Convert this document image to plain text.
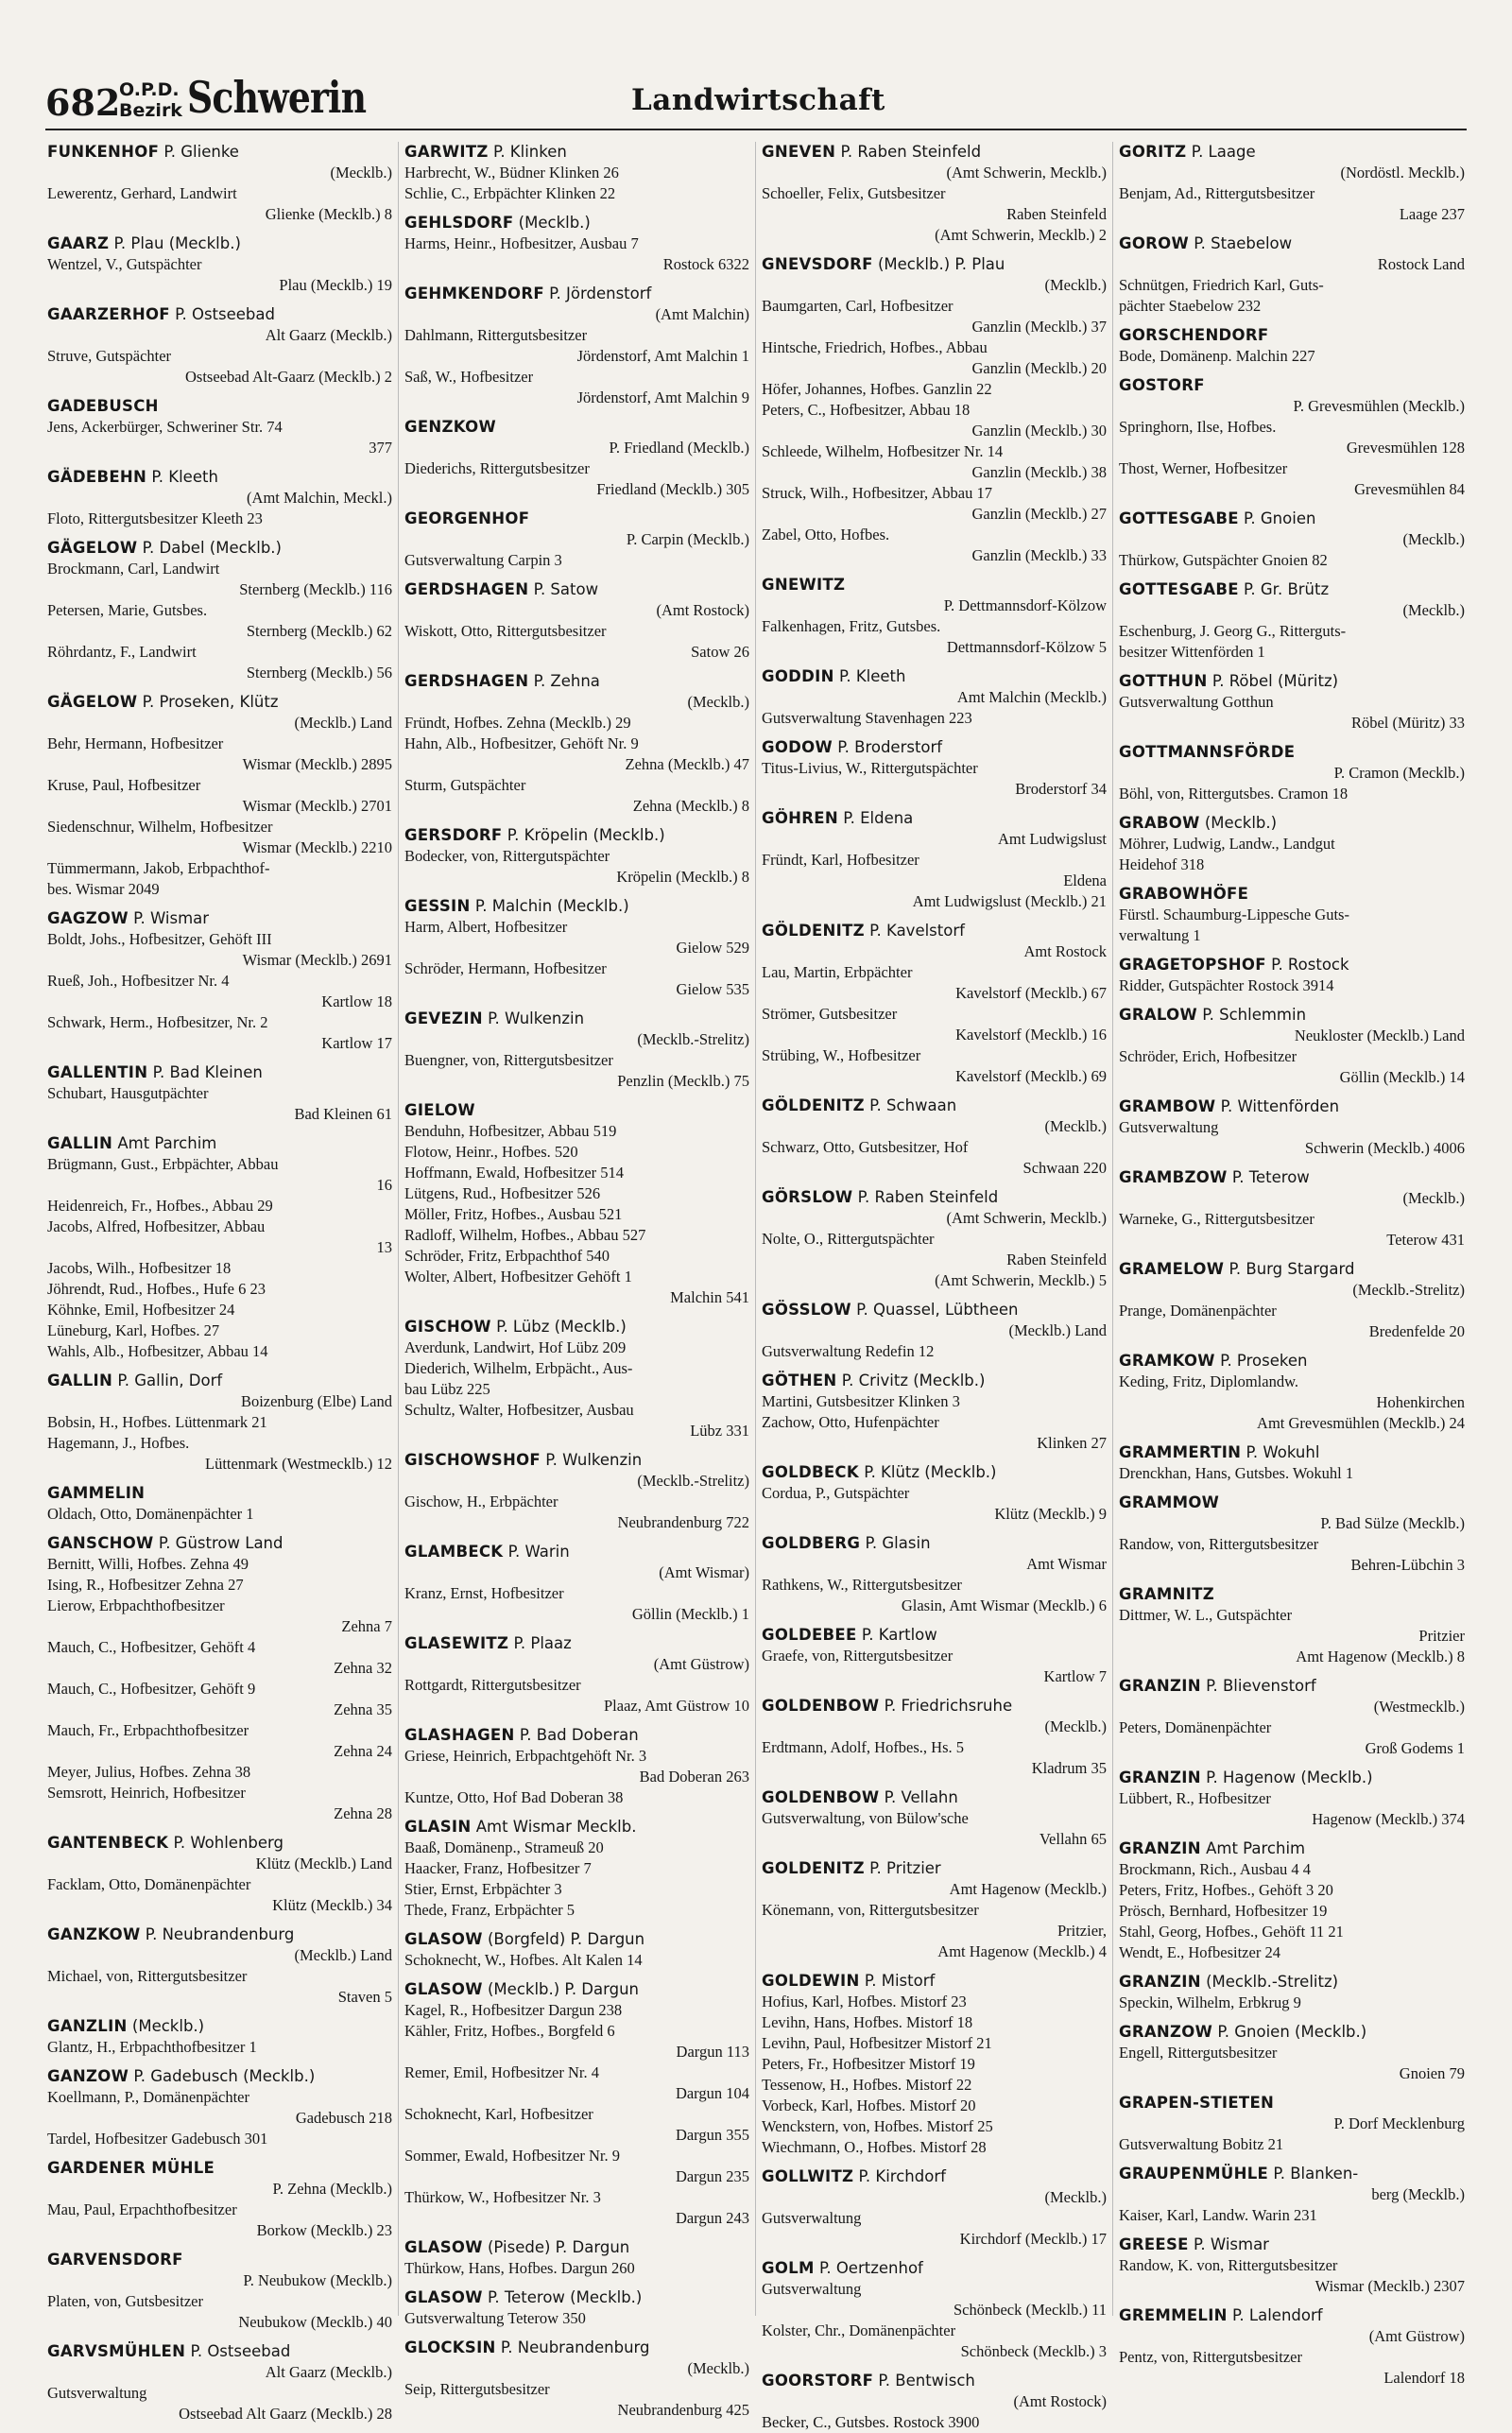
682
O.P.D.
Bezirk Schwerin	Landwirtschaft
FUNKENHOF P. Glienke
(Mecklb.)
Lewerentz, Gerhard, Landwirt
Glienke (Mecklb.) 8
GAARZ P. Plau (Mecklb.)
Wentzel, V., Gutspächter
Plau (Mecklb.) 19
GAARZERHOF P. Ostseebad
Alt Gaarz (Mecklb.)
Struve, Gutspächter
Ostseebad Alt-Gaarz (Mecklb.) 2
GADEBUSCH
Jens, Ackerbürger, Schweriner Str. 74
377
GÄDEBEHN P. Kleeth
(Amt Malchin, Meckl.)
Floto, Rittergutsbesitzer Kleeth 23
GÄGELOW P. Dabel (Mecklb.)
Brockmann, Carl, Landwirt
Sternberg (Mecklb.) 116
Petersen, Marie, Gutsbes.
Sternberg (Mecklb.) 62
Röhrdantz, F., Landwirt
Sternberg (Mecklb.) 56
GÄGELOW P. Proseken, Klütz
(Mecklb.) Land
Behr, Hermann, Hofbesitzer
Wismar (Mecklb.) 2895
Kruse, Paul, Hofbesitzer
Wismar (Mecklb.) 2701
Siedenschnur, Wilhelm, Hofbesitzer
Wismar (Mecklb.) 2210
Tümmermann, Jakob, Erbpachthof-
bes. Wismar 2049
GAGZOW P. Wismar
Boldt, Johs., Hofbesitzer, Gehöft III
Wismar (Mecklb.) 2691
Rueß, Joh., Hofbesitzer Nr. 4
Kartlow 18
Schwark, Herm., Hofbesitzer, Nr. 2
Kartlow 17
GALLENTIN P. Bad Kleinen
Schubart, Hausgutpächter
Bad Kleinen 61
GALLIN Amt Parchim
Brügmann, Gust., Erbpächter, Abbau
16
Heidenreich, Fr., Hofbes., Abbau 29
Jacobs, Alfred, Hofbesitzer, Abbau
13
Jacobs, Wilh., Hofbesitzer 18
Jöhrendt, Rud., Hofbes., Hufe 6 23
Köhnke, Emil, Hofbesitzer 24
Lüneburg, Karl, Hofbes. 27
Wahls, Alb., Hofbesitzer, Abbau 14
GALLIN P. Gallin, Dorf
Boizenburg (Elbe) Land
Bobsin, H., Hofbes. Lüttenmark 21
Hagemann, J., Hofbes.
Lüttenmark (Westmecklb.) 12
GAMMELIN
Oldach, Otto, Domänenpächter 1
GANSCHOW P. Güstrow Land
Bernitt, Willi, Hofbes. Zehna 49
Ising, R., Hofbesitzer Zehna 27
Lierow, Erbpachthofbesitzer
Zehna 7
Mauch, C., Hofbesitzer, Gehöft 4
Zehna 32
Mauch, C., Hofbesitzer, Gehöft 9
Zehna 35
Mauch, Fr., Erbpachthofbesitzer
Zehna 24
Meyer, Julius, Hofbes. Zehna 38
Semsrott, Heinrich, Hofbesitzer
Zehna 28
GANTENBECK P. Wohlenberg
Klütz (Mecklb.) Land
Facklam, Otto, Domänenpächter
Klütz (Mecklb.) 34
GANZKOW P. Neubrandenburg
(Mecklb.) Land
Michael, von, Rittergutsbesitzer
Staven 5
GANZLIN (Mecklb.)
Glantz, H., Erbpachthofbesitzer 1
GANZOW P. Gadebusch (Mecklb.)
Koellmann, P., Domänenpächter
Gadebusch 218
Tardel, Hofbesitzer Gadebusch 301
GARDENER MÜHLE
P. Zehna (Mecklb.)
Mau, Paul, Erpachthofbesitzer
Borkow (Mecklb.) 23
GARVENSDORF
P. Neubukow (Mecklb.)
Platen, von, Gutsbesitzer
Neubukow (Mecklb.) 40
GARVSMÜHLEN P. Ostseebad
Alt Gaarz (Mecklb.)
Gutsverwaltung
Ostseebad Alt Gaarz (Mecklb.) 28
GARWITZ P. Klinken
Harbrecht, W., Büdner Klinken 26
Schlie, C., Erbpächter Klinken 22
GEHLSDORF (Mecklb.)
Harms, Heinr., Hofbesitzer, Ausbau 7
Rostock 6322
GEHMKENDORF P. Jördenstorf
(Amt Malchin)
Dahlmann, Rittergutsbesitzer
Jördenstorf, Amt Malchin 1
Saß, W., Hofbesitzer
Jördenstorf, Amt Malchin 9
GENZKOW
P. Friedland (Mecklb.)
Diederichs, Rittergutsbesitzer
Friedland (Mecklb.) 305
GEORGENHOF
P. Carpin (Mecklb.)
Gutsverwaltung Carpin 3
GERDSHAGEN P. Satow
(Amt Rostock)
Wiskott, Otto, Rittergutsbesitzer
Satow 26
GERDSHAGEN P. Zehna
(Mecklb.)
Fründt, Hofbes. Zehna (Mecklb.) 29
Hahn, Alb., Hofbesitzer, Gehöft Nr. 9
Zehna (Mecklb.) 47
Sturm, Gutspächter
Zehna (Mecklb.) 8
GERSDORF P. Kröpelin (Mecklb.)
Bodecker, von, Rittergutspächter
Kröpelin (Mecklb.) 8
GESSIN P. Malchin (Mecklb.)
Harm, Albert, Hofbesitzer
Gielow 529
Schröder, Hermann, Hofbesitzer
Gielow 535
GEVEZIN P. Wulkenzin
(Mecklb.-Strelitz)
Buengner, von, Rittergutsbesitzer
Penzlin (Mecklb.) 75
GIELOW
Benduhn, Hofbesitzer, Abbau 519
Flotow, Heinr., Hofbes. 520
Hoffmann, Ewald, Hofbesitzer 514
Lütgens, Rud., Hofbesitzer 526
Möller, Fritz, Hofbes., Ausbau 521
Radloff, Wilhelm, Hofbes., Abbau 527
Schröder, Fritz, Erbpachthof 540
Wolter, Albert, Hofbesitzer Gehöft 1
Malchin 541
GISCHOW P. Lübz (Mecklb.)
Averdunk, Landwirt, Hof Lübz 209
Diederich, Wilhelm, Erbpächt., Aus-
bau Lübz 225
Schultz, Walter, Hofbesitzer, Ausbau
Lübz 331
GISCHOWSHOF P. Wulkenzin
(Mecklb.-Strelitz)
Gischow, H., Erbpächter
Neubrandenburg 722
GLAMBECK P. Warin
(Amt Wismar)
Kranz, Ernst, Hofbesitzer
Göllin (Mecklb.) 1
GLASEWITZ P. Plaaz
(Amt Güstrow)
Rottgardt, Rittergutsbesitzer
Plaaz, Amt Güstrow 10
GLASHAGEN P. Bad Doberan
Griese, Heinrich, Erbpachtgehöft Nr. 3
Bad Doberan 263
Kuntze, Otto, Hof Bad Doberan 38
GLASIN Amt Wismar Mecklb.
Baaß, Domänenp., Strameuß 20
Haacker, Franz, Hofbesitzer 7
Stier, Ernst, Erbpächter 3
Thede, Franz, Erbpächter 5
GLASOW (Borgfeld) P. Dargun
Schoknecht, W., Hofbes. Alt Kalen 14
GLASOW (Mecklb.) P. Dargun
Kagel, R., Hofbesitzer Dargun 238
Kähler, Fritz, Hofbes., Borgfeld 6
Dargun 113
Remer, Emil, Hofbesitzer Nr. 4
Dargun 104
Schoknecht, Karl, Hofbesitzer
Dargun 355
Sommer, Ewald, Hofbesitzer Nr. 9
Dargun 235
Thürkow, W., Hofbesitzer Nr. 3
Dargun 243
GLASOW (Pisede) P. Dargun
Thürkow, Hans, Hofbes. Dargun 260
GLASOW P. Teterow (Mecklb.)
Gutsverwaltung Teterow 350
GLOCKSIN P. Neubrandenburg
(Mecklb.)
Seip, Rittergutsbesitzer
Neubrandenburg 425
GNEVEN P. Raben Steinfeld
(Amt Schwerin, Mecklb.)
Schoeller, Felix, Gutsbesitzer
Raben Steinfeld
(Amt Schwerin, Mecklb.) 2
GNEVSDORF (Mecklb.) P. Plau
(Mecklb.)
Baumgarten, Carl, Hofbesitzer
Ganzlin (Mecklb.) 37
Hintsche, Friedrich, Hofbes., Abbau
Ganzlin (Mecklb.) 20
Höfer, Johannes, Hofbes. Ganzlin 22
Peters, C., Hofbesitzer, Abbau 18
Ganzlin (Mecklb.) 30
Schleede, Wilhelm, Hofbesitzer Nr. 14
Ganzlin (Mecklb.) 38
Struck, Wilh., Hofbesitzer, Abbau 17
Ganzlin (Mecklb.) 27
Zabel, Otto, Hofbes.
Ganzlin (Mecklb.) 33
GNEWITZ
P. Dettmannsdorf-Kölzow
Falkenhagen, Fritz, Gutsbes.
Dettmannsdorf-Kölzow 5
GODDIN P. Kleeth
Amt Malchin (Mecklb.)
Gutsverwaltung Stavenhagen 223
GODOW P. Broderstorf
Titus-Livius, W., Rittergutspächter
Broderstorf 34
GÖHREN P. Eldena
Amt Ludwigslust
Fründt, Karl, Hofbesitzer
Eldena
Amt Ludwigslust (Mecklb.) 21
GÖLDENITZ P. Kavelstorf
Amt Rostock
Lau, Martin, Erbpächter
Kavelstorf (Mecklb.) 67
Strömer, Gutsbesitzer
Kavelstorf (Mecklb.) 16
Strübing, W., Hofbesitzer
Kavelstorf (Mecklb.) 69
GÖLDENITZ P. Schwaan
(Mecklb.)
Schwarz, Otto, Gutsbesitzer, Hof
Schwaan 220
GÖRSLOW P. Raben Steinfeld
(Amt Schwerin, Mecklb.)
Nolte, O., Rittergutspächter
Raben Steinfeld
(Amt Schwerin, Mecklb.) 5
GÖSSLOW P. Quassel, Lübtheen
(Mecklb.) Land
Gutsverwaltung Redefin 12
GÖTHEN P. Crivitz (Mecklb.)
Martini, Gutsbesitzer Klinken 3
Zachow, Otto, Hufenpächter
Klinken 27
GOLDBECK P. Klütz (Mecklb.)
Cordua, P., Gutspächter
Klütz (Mecklb.) 9
GOLDBERG P. Glasin
Amt Wismar
Rathkens, W., Rittergutsbesitzer
Glasin, Amt Wismar (Mecklb.) 6
GOLDEBEE P. Kartlow
Graefe, von, Rittergutsbesitzer
Kartlow 7
GOLDENBOW P. Friedrichsruhe
(Mecklb.)
Erdtmann, Adolf, Hofbes., Hs. 5
Kladrum 35
GOLDENBOW P. Vellahn
Gutsverwaltung, von Bülow'sche
Vellahn 65
GOLDENITZ P. Pritzier
Amt Hagenow (Mecklb.)
Könemann, von, Rittergutsbesitzer
Pritzier,
Amt Hagenow (Mecklb.) 4
GOLDEWIN P. Mistorf
Hofius, Karl, Hofbes. Mistorf 23
Levihn, Hans, Hofbes. Mistorf 18
Levihn, Paul, Hofbesitzer Mistorf 21
Peters, Fr., Hofbesitzer Mistorf 19
Tessenow, H., Hofbes. Mistorf 22
Vorbeck, Karl, Hofbes. Mistorf 20
Wenckstern, von, Hofbes. Mistorf 25
Wiechmann, O., Hofbes. Mistorf 28
GOLLWITZ P. Kirchdorf
(Mecklb.)
Gutsverwaltung
Kirchdorf (Mecklb.) 17
GOLM P. Oertzenhof
Gutsverwaltung
Schönbeck (Mecklb.) 11
Kolster, Chr., Domänenpächter
Schönbeck (Mecklb.) 3
GOORSTORF P. Bentwisch
(Amt Rostock)
Becker, C., Gutsbes. Rostock 3900
GORITZ P. Laage
(Nordöstl. Mecklb.)
Benjam, Ad., Rittergutsbesitzer
Laage 237
GOROW P. Staebelow
Rostock Land
Schnütgen, Friedrich Karl, Guts-
pächter Staebelow 232
GORSCHENDORF
Bode, Domänenp. Malchin 227
GOSTORF
P. Grevesmühlen (Mecklb.)
Springhorn, Ilse, Hofbes.
Grevesmühlen 128
Thost, Werner, Hofbesitzer
Grevesmühlen 84
GOTTESGABE P. Gnoien
(Mecklb.)
Thürkow, Gutspächter Gnoien 82
GOTTESGABE P. Gr. Brütz
(Mecklb.)
Eschenburg, J. Georg G., Ritterguts-
besitzer Wittenförden 1
GOTTHUN P. Röbel (Müritz)
Gutsverwaltung Gotthun
Röbel (Müritz) 33
GOTTMANNSFÖRDE
P. Cramon (Mecklb.)
Böhl, von, Rittergutsbes. Cramon 18
GRABOW (Mecklb.)
Möhrer, Ludwig, Landw., Landgut
Heidehof 318
GRABOWHÖFE
Fürstl. Schaumburg-Lippesche Guts-
verwaltung 1
GRAGETOPSHOF P. Rostock
Ridder, Gutspächter Rostock 3914
GRALOW P. Schlemmin
Neukloster (Mecklb.) Land
Schröder, Erich, Hofbesitzer
Göllin (Mecklb.) 14
GRAMBOW P. Wittenförden
Gutsverwaltung
Schwerin (Mecklb.) 4006
GRAMBZOW P. Teterow
(Mecklb.)
Warneke, G., Rittergutsbesitzer
Teterow 431
GRAMELOW P. Burg Stargard
(Mecklb.-Strelitz)
Prange, Domänenpächter
Bredenfelde 20
GRAMKOW P. Proseken
Keding, Fritz, Diplomlandw.
Hohenkirchen
Amt Grevesmühlen (Mecklb.) 24
GRAMMERTIN P. Wokuhl
Drenckhan, Hans, Gutsbes. Wokuhl 1
GRAMMOW
P. Bad Sülze (Mecklb.)
Randow, von, Rittergutsbesitzer
Behren-Lübchin 3
GRAMNITZ
Dittmer, W. L., Gutspächter
Pritzier
Amt Hagenow (Mecklb.) 8
GRANZIN P. Blievenstorf
(Westmecklb.)
Peters, Domänenpächter
Groß Godems 1
GRANZIN P. Hagenow (Mecklb.)
Lübbert, R., Hofbesitzer
Hagenow (Mecklb.) 374
GRANZIN Amt Parchim
Brockmann, Rich., Ausbau 4 4
Peters, Fritz, Hofbes., Gehöft 3 20
Prösch, Bernhard, Hofbesitzer 19
Stahl, Georg, Hofbes., Gehöft 11 21
Wendt, E., Hofbesitzer 24
GRANZIN (Mecklb.-Strelitz)
Speckin, Wilhelm, Erbkrug 9
GRANZOW P. Gnoien (Mecklb.)
Engell, Rittergutsbesitzer
Gnoien 79
GRAPEN-STIETEN
P. Dorf Mecklenburg
Gutsverwaltung Bobitz 21
GRAUPENMÜHLE P. Blanken-
berg (Mecklb.)
Kaiser, Karl, Landw. Warin 231
GREESE P. Wismar
Randow, K. von, Rittergutsbesitzer
Wismar (Mecklb.) 2307
GREMMELIN P. Lalendorf
(Amt Güstrow)
Pentz, von, Rittergutsbesitzer
Lalendorf 18
